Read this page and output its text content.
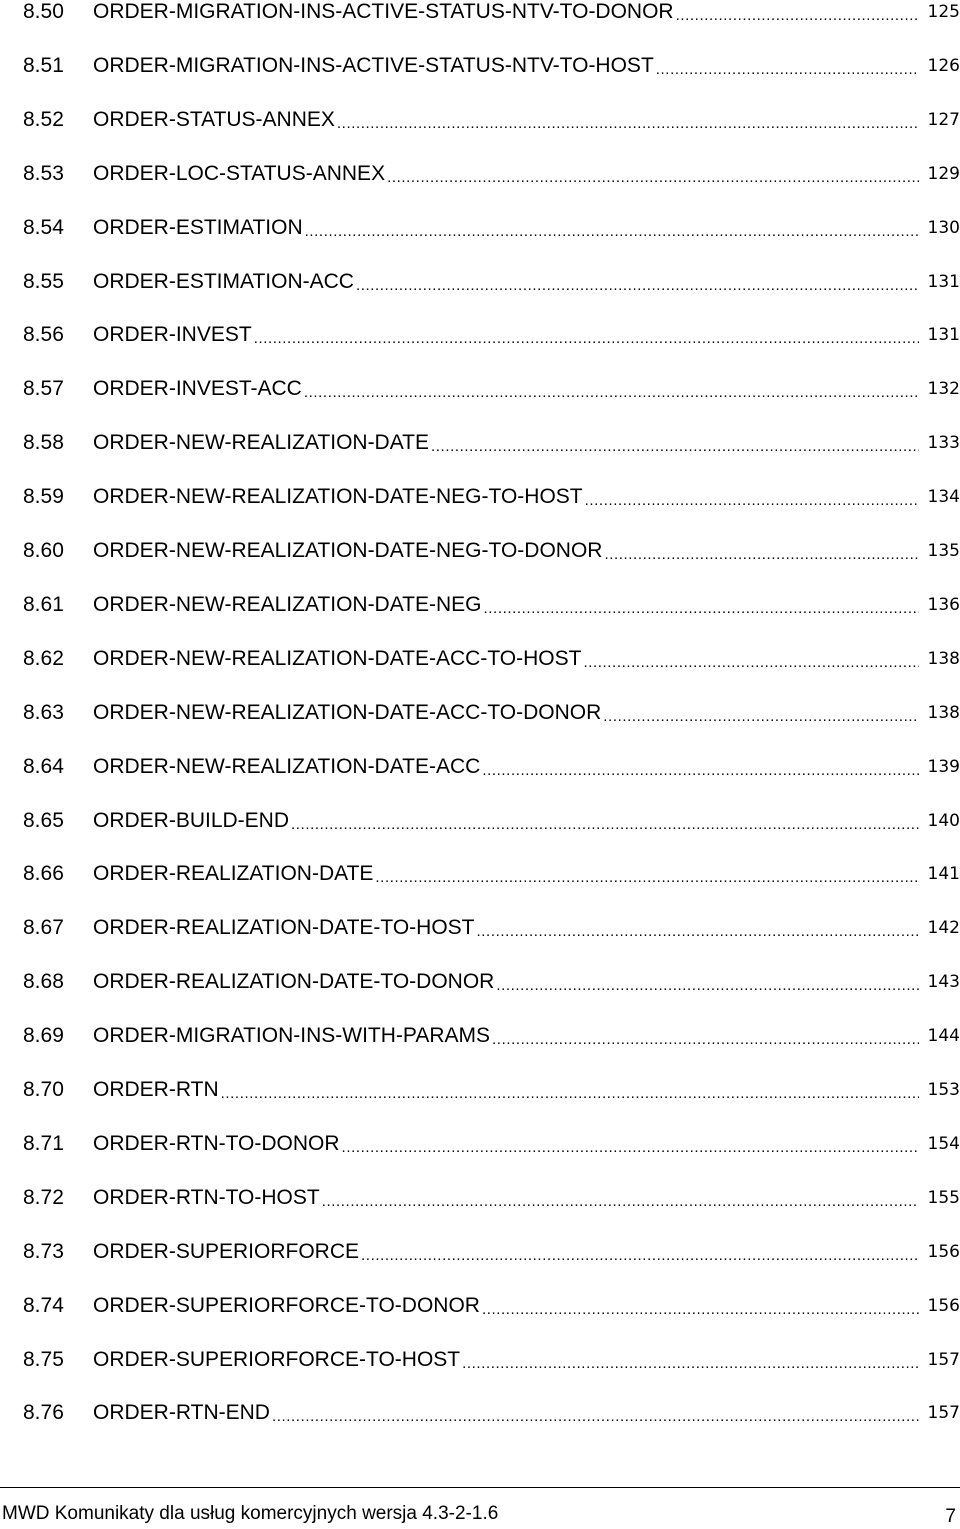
8.50	ORDER-MIGRATION-INS-ACTIVE-STATUS-NTV-TO-DONOR .....	125
8.51	ORDER-MIGRATION-INS-ACTIVE-STATUS-NTV-TO-HOST .....	126
8.52	ORDER-STATUS-ANNEX .....	127
8.53	ORDER-LOC-STATUS-ANNEX .....	129
8.54	ORDER-ESTIMATION .....	130
8.55	ORDER-ESTIMATION-ACC .....	131
8.56	ORDER-INVEST .....	131
8.57	ORDER-INVEST-ACC .....	132
8.58	ORDER-NEW-REALIZATION-DATE .....	133
8.59	ORDER-NEW-REALIZATION-DATE-NEG-TO-HOST .....	134
8.60	ORDER-NEW-REALIZATION-DATE-NEG-TO-DONOR .....	135
8.61	ORDER-NEW-REALIZATION-DATE-NEG .....	136
8.62	ORDER-NEW-REALIZATION-DATE-ACC-TO-HOST .....	138
8.63	ORDER-NEW-REALIZATION-DATE-ACC-TO-DONOR .....	138
8.64	ORDER-NEW-REALIZATION-DATE-ACC .....	139
8.65	ORDER-BUILD-END .....	140
8.66	ORDER-REALIZATION-DATE .....	141
8.67	ORDER-REALIZATION-DATE-TO-HOST .....	142
8.68	ORDER-REALIZATION-DATE-TO-DONOR .....	143
8.69	ORDER-MIGRATION-INS-WITH-PARAMS .....	144
8.70	ORDER-RTN .....	153
8.71	ORDER-RTN-TO-DONOR .....	154
8.72	ORDER-RTN-TO-HOST .....	155
8.73	ORDER-SUPERIORFORCE .....	156
8.74	ORDER-SUPERIORFORCE-TO-DONOR .....	156
8.75	ORDER-SUPERIORFORCE-TO-HOST .....	157
8.76	ORDER-RTN-END .....	157
MWD Komunikaty dla usług komercyjnych wersja 4.3-2-1.6	7
